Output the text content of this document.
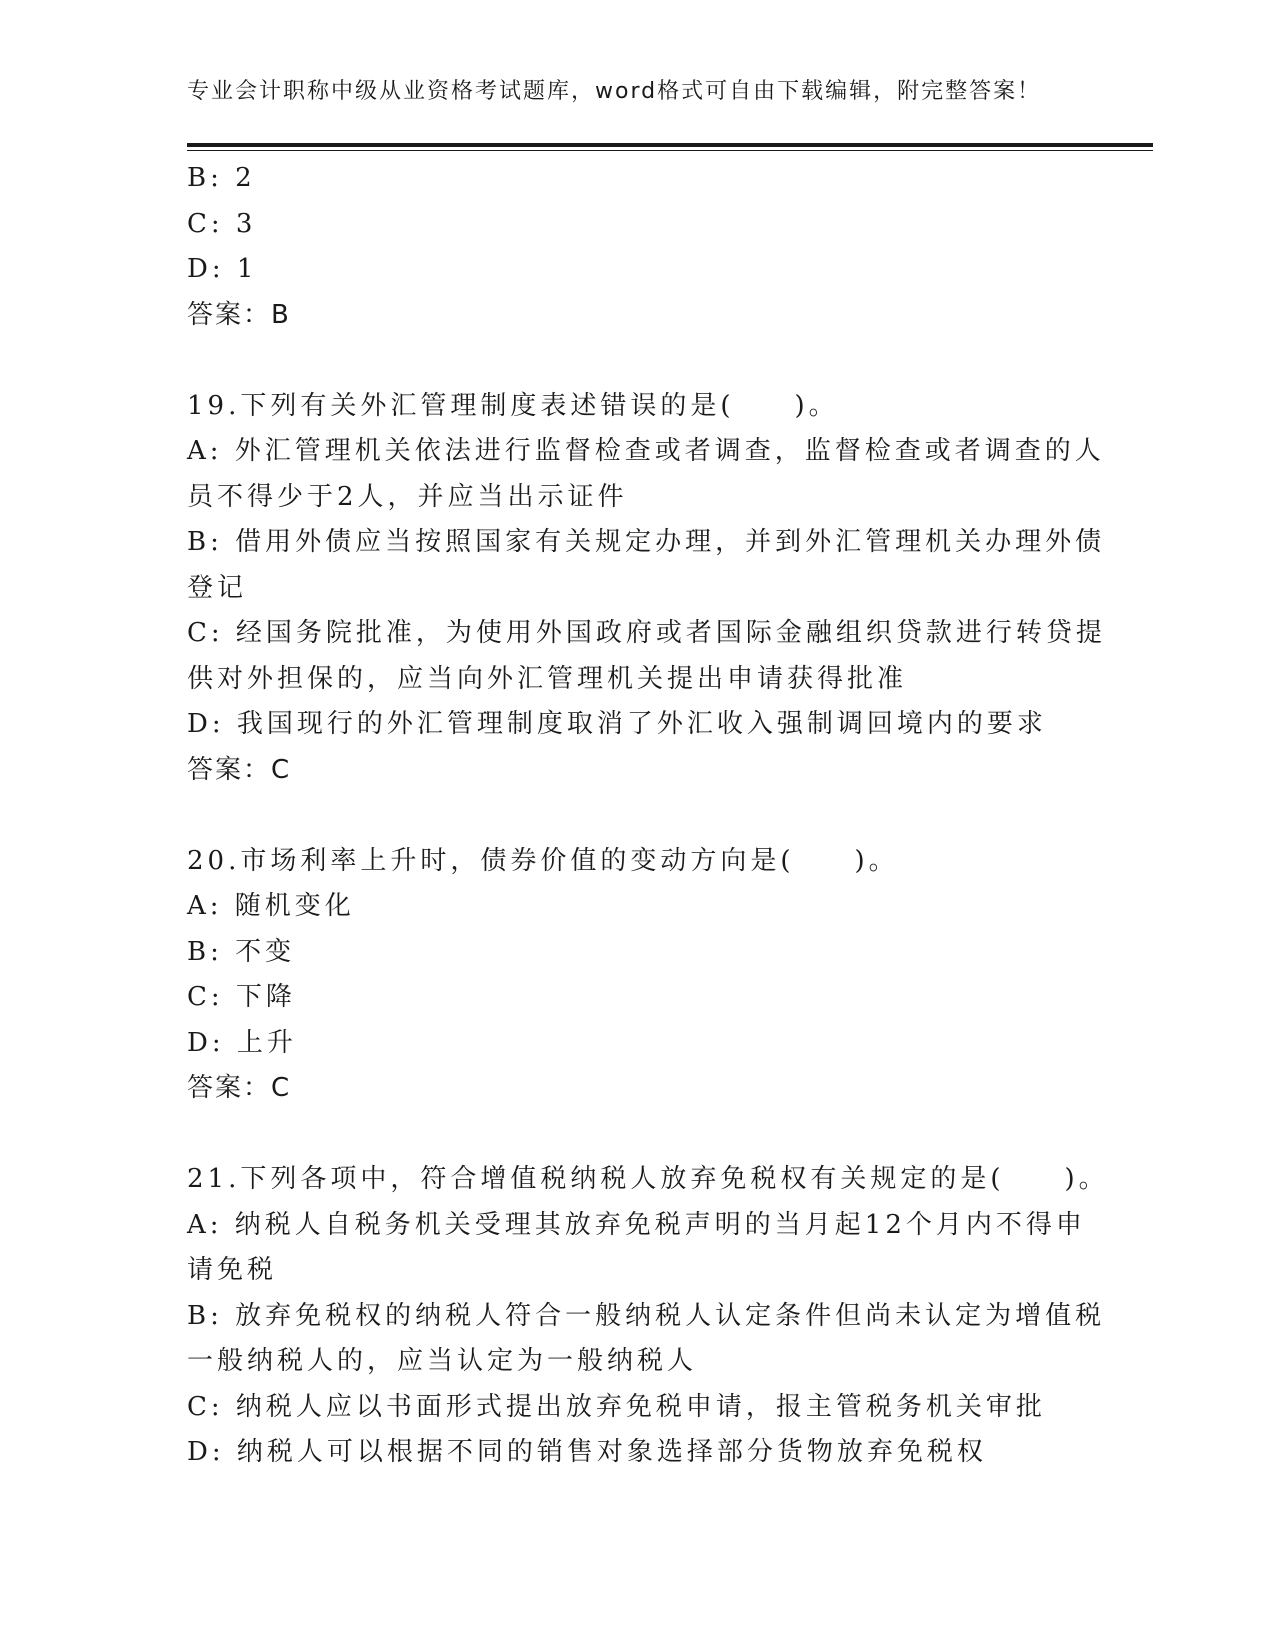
专业会计职称中级从业资格考试题库，word格式可自由下载编辑，附完整答案！
B: 2
C: 3
D: 1
答案：B
19.下列有关外汇管理制度表述错误的是(　　)。
A: 外汇管理机关依法进行监督检查或者调查，监督检查或者调查的人
员不得少于2人，并应当出示证件
B: 借用外债应当按照国家有关规定办理，并到外汇管理机关办理外债
登记
C: 经国务院批准，为使用外国政府或者国际金融组织贷款进行转贷提
供对外担保的，应当向外汇管理机关提出申请获得批准
D: 我国现行的外汇管理制度取消了外汇收入强制调回境内的要求
答案：C
20.市场利率上升时，债券价值的变动方向是(　　)。
A: 随机变化
B: 不变
C: 下降
D: 上升
答案：C
21.下列各项中，符合增值税纳税人放弃免税权有关规定的是(　　)。
A: 纳税人自税务机关受理其放弃免税声明的当月起12个月内不得申
请免税
B: 放弃免税权的纳税人符合一般纳税人认定条件但尚未认定为增值税
一般纳税人的，应当认定为一般纳税人
C: 纳税人应以书面形式提出放弃免税申请，报主管税务机关审批
D: 纳税人可以根据不同的销售对象选择部分货物放弃免税权
